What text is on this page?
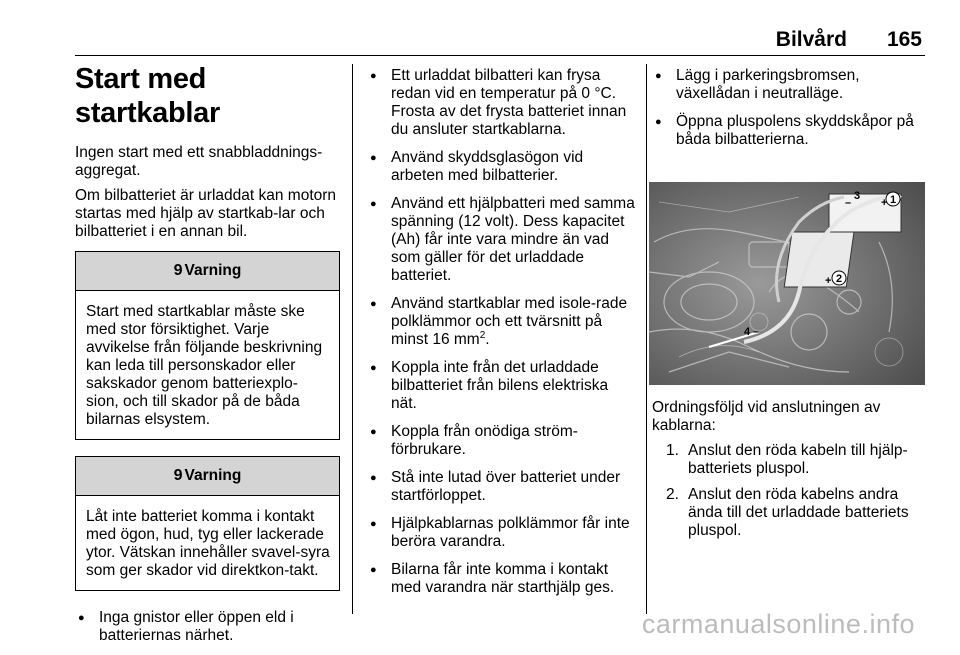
Bilvård 165
Start med startkablar

Ingen start med ett snabbladdnings-aggregat.

Om bilbatteriet är urladdat kan motorn startas med hjälp av startkab-lar och bilbatteriet i en annan bil.

9 Varning
Start med startkablar måste ske med stor försiktighet. Varje avvikelse från följande beskrivning kan leda till personskador eller sakskador genom batteriexplo-sion, och till skador på de båda bilarnas elsystem.
9 Varning
Låt inte batteriet komma i kontakt med ögon, hud, tyg eller lackerade ytor. Vätskan innehåller svavel-syra som ger skador vid direktkon-takt.
● Inga gnistor eller öppen eld i batteriernas närhet.
● Ett urladdat bilbatteri kan frysa redan vid en temperatur på 0 °C. Frosta av det frysta batteriet innan du ansluter startkablarna.
● Använd skyddsglasögon vid arbeten med bilbatterier.
● Använd ett hjälpbatteri med samma spänning (12 volt). Dess kapacitet (Ah) får inte vara mindre än vad som gäller för det urladdade batteriet.
● Använd startkablar med isole-rade polklämmor och ett tvärsnitt på minst 16 $mm^2$.
● Koppla inte från det urladdade bilbatteriet från bilens elektriska nät.
● Koppla från onödiga ström-förbrukare.
● Stå inte lutad över batteriet under startförloppet.
● Hjälpkablarnas polklämmor får inte beröra varandra.
● Bilarna får inte komma i kontakt med varandra när starthjälp ges.
● Lägg i parkeringsbromsen, växellådan i neutralläge.
● Öppna pluspolens skyddskåpor på båda bilbatterierna.
1
3
–	+
2
+
4 –

Ordningsföljd vid anslutningen av kablarna:

1. Anslut den röda kabeln till hjälp-batteriets pluspol.
2. Anslut den röda kabelns andra ända till det urladdade batteriets pluspol.
carmanualsonline.info
